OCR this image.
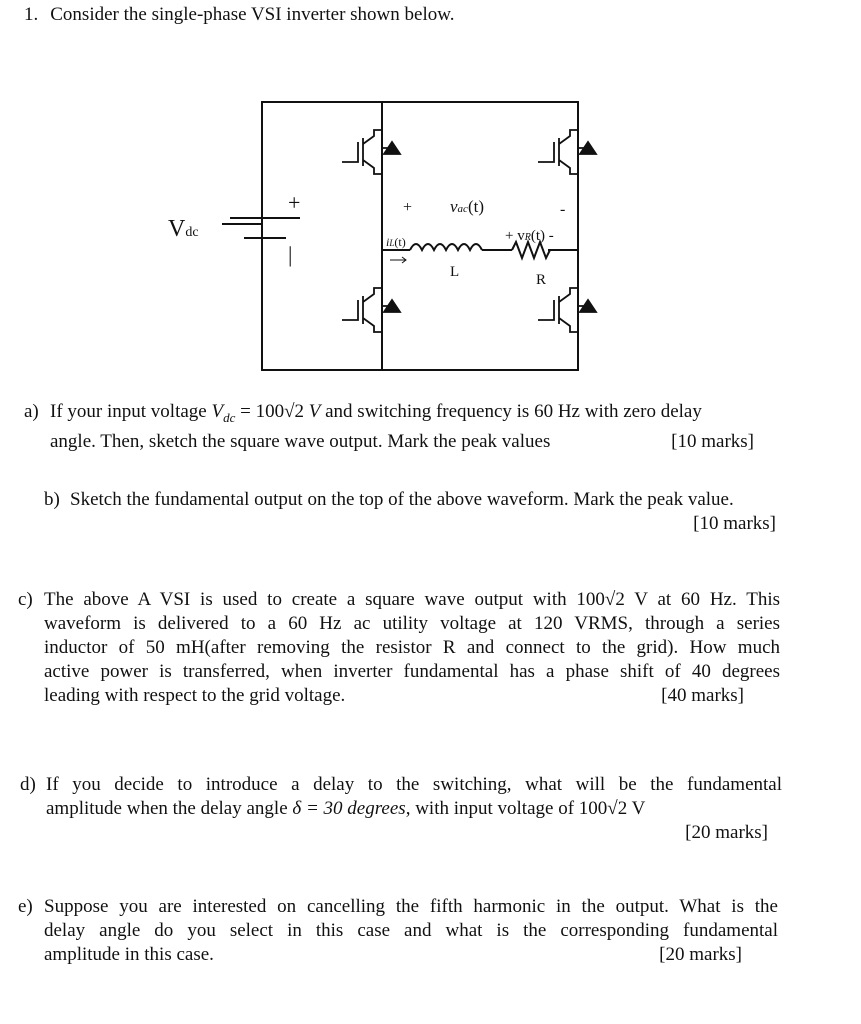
1. Consider the single-phase VSI inverter shown below.
Vdc
+
|
+ vac(t)	-
iL(t)
L
+ vR(t) -
R
a) If your input voltage $V_{dc} = 100√2$ V and switching frequency is 60 Hz with zero delay
angle. Then, sketch the square wave output. Mark the peak values	[10 marks]
b) Sketch the fundamental output on the top of the above waveform. Mark the peak value.
[10 marks]
c) The above A VSI is used to create a square wave output with 100√2 V at 60 Hz. This
waveform is delivered to a 60 Hz ac utility voltage at 120 VRMS, through a series
inductor of 50 mH(after removing the resistor R and connect to the grid). How much
active power is transferred, when inverter fundamental has a phase shift of 40 degrees
leading with respect to the grid voltage.	[40 marks]
d) If you decide to introduce a delay to the switching, what will be the fundamental
amplitude when the delay angle δ = 30 degrees, with input voltage of 100√2 V
[20 marks]
e) Suppose you are interested on cancelling the fifth harmonic in the output. What is the
delay angle do you select in this case and what is the corresponding fundamental
amplitude in this case.	[20 marks]
